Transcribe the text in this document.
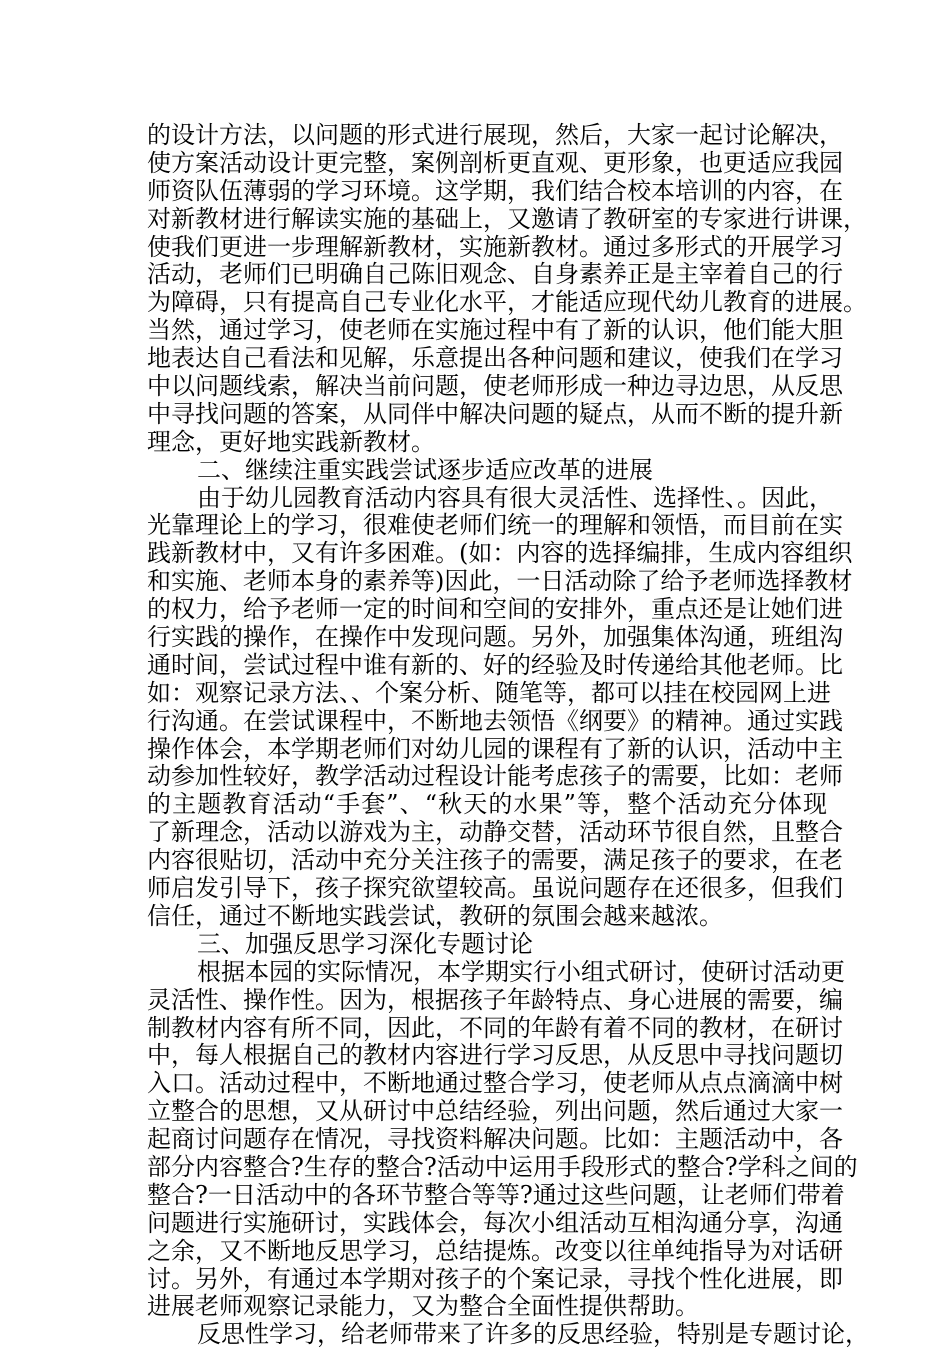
的设计方法，以问题的形式进行展现，然后，大家一起讨论解决，
使方案活动设计更完整，案例剖析更直观、更形象，也更适应我园
师资队伍薄弱的学习环境。这学期，我们结合校本培训的内容，在
对新教材进行解读实施的基础上，又邀请了教研室的专家进行讲课，
使我们更进一步理解新教材，实施新教材。通过多形式的开展学习
活动，老师们已明确自己陈旧观念、自身素养正是主宰着自己的行
为障碍，只有提高自己专业化水平，才能适应现代幼儿教育的进展。
当然，通过学习，使老师在实施过程中有了新的认识，他们能大胆
地表达自己看法和见解，乐意提出各种问题和建议，使我们在学习
中以问题线索，解决当前问题，使老师形成一种边寻边思，从反思
中寻找问题的答案，从同伴中解决问题的疑点，从而不断的提升新
理念，更好地实践新教材。
二、继续注重实践尝试逐步适应改革的进展
由于幼儿园教育活动内容具有很大灵活性、选择性、。因此，
光靠理论上的学习，很难使老师们统一的理解和领悟，而目前在实
践新教材中，又有许多困难。(如：内容的选择编排，生成内容组织
和实施、老师本身的素养等)因此，一日活动除了给予老师选择教材
的权力，给予老师一定的时间和空间的安排外，重点还是让她们进
行实践的操作，在操作中发现问题。另外，加强集体沟通，班组沟
通时间，尝试过程中谁有新的、好的经验及时传递给其他老师。比
如：观察记录方法、、个案分析、随笔等，都可以挂在校园网上进
行沟通。在尝试课程中，不断地去领悟《纲要》的精神。通过实践
操作体会，本学期老师们对幼儿园的课程有了新的认识，活动中主
动参加性较好，教学活动过程设计能考虑孩子的需要，比如：老师
的主题教育活动“手套”、“秋天的水果”等，整个活动充分体现
了新理念，活动以游戏为主，动静交替，活动环节很自然，且整合
内容很贴切，活动中充分关注孩子的需要，满足孩子的要求，在老
师启发引导下，孩子探究欲望较高。虽说问题存在还很多，但我们
信任，通过不断地实践尝试，教研的氛围会越来越浓。
三、加强反思学习深化专题讨论
根据本园的实际情况，本学期实行小组式研讨，使研讨活动更
灵活性、操作性。因为，根据孩子年龄特点、身心进展的需要，编
制教材内容有所不同，因此，不同的年龄有着不同的教材，在研讨
中，每人根据自己的教材内容进行学习反思，从反思中寻找问题切
入口。活动过程中，不断地通过整合学习，使老师从点点滴滴中树
立整合的思想，又从研讨中总结经验，列出问题，然后通过大家一
起商讨问题存在情况，寻找资料解决问题。比如：主题活动中，各
部分内容整合?生存的整合?活动中运用手段形式的整合?学科之间的
整合?一日活动中的各环节整合等等?通过这些问题，让老师们带着
问题进行实施研讨，实践体会，每次小组活动互相沟通分享，沟通
之余，又不断地反思学习，总结提炼。改变以往单纯指导为对话研
讨。另外，有通过本学期对孩子的个案记录，寻找个性化进展，即
进展老师观察记录能力，又为整合全面性提供帮助。
反思性学习，给老师带来了许多的反思经验，特别是专题讨论，
